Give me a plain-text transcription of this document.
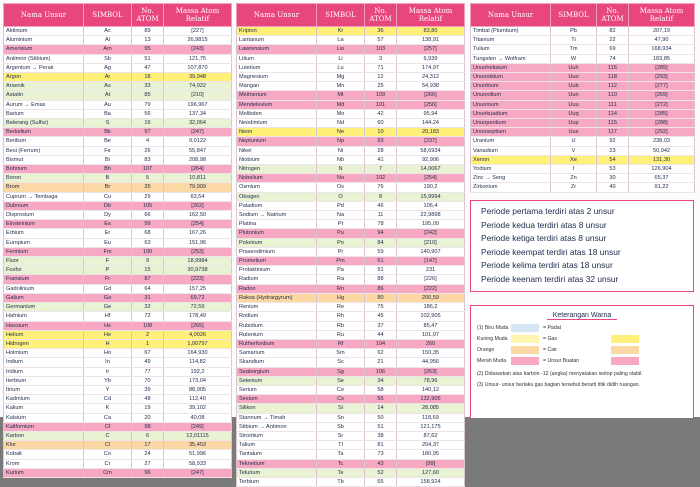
Nama Unsur	SIMBOL	No. ATOM	Massa Atom Relatif
Aktinium	Ac	89	[227]
Aluminium	Al	13	26,9815
Amerisium	Am	95	[243]
Antimon (Stibium)	Sb	51	121,75
Argentum → Perak	Ag	47	107,870
Argon	Ar	18	39,948
Arsenik	As	33	74,922
Astatin	At	85	[210]
Aurum → Emas	Au	79	196,967
Barium	Ba	56	137,34
Belerang (Sulfur)	S	16	32,064
Berkelium	Bk	97	[247]
Berilium	Be	4	9,0122
Besi (Ferrum)	Fe	26	55,847
Bismut	Bi	83	208,98
Bohrium	Bh	107	[264]
Boron	B	5	10,811
Brom	Br	35	79,909
Cuprum → Tembaga	Cu	29	63,54
Dubnium	Db	105	[262]
Disprosium	Dy	66	162,50
Einsteinium	Es	99	[254]
Erbium	Er	68	167,26
Europium	Eu	63	151,96
Fermium	Fm	100	[253]
Fluor	F	9	18,9984
Fosfor	P	15	30,9738
Fransium	Fr	87	[223]
Gadolinium	Gd	64	157,25
Galium	Ga	31	69,72
Germanium	Ge	32	72,59
Hafnium	Hf	72	178,49
Hassium	Hs	108	[265]
Helium	He	2	4,0026
Hidrogen	H	1	1,00797
Holmium	Ho	67	164,930
Indium	In	49	114,82
Iridium	Ir	77	192,2
Iterbium	Yb	70	173,04
Itrium	Y	39	88,905
Kadmium	Cd	48	112,40
Kalium	K	19	39,102
Kalsium	Ca	20	40,08
Kalifornium	Cf	98	[249]
Karbon	C	6	12,01115
Klor	Cl	17	35,453
Kobalt	Co	24	51,996
Krom	Cr	27	58,933
Kurium	Cm	96	[247]
Nama Unsur	SIMBOL	No. ATOM	Massa Atom Relatif
Kripton	Kr	36	83,80
Lantanum	La	57	138,91
Lawrensium	Lw	103	[257]
Litium	Li	3	6,939
Lutetium	Lu	71	174,97
Magnesium	Mg	12	24,312
Mangan	Mn	25	54,938
Meitnerium	Mt	109	[266]
Mendelevium	Md	101	[256]
Molibden	Mo	42	95,94
Neodimium	Nd	60	144,24
Neon	Ne	10	20,183
Neptunium	Np	93	[237]
Nikel	Ni	28	58,6934
Niobium	Nb	41	92,906
Nitrogen	N	7	14,0067
Nobelium	No	102	[254]
Osmium	Os	76	190,2
Oksigen	O	8	15,9994
Paladium	Pd	46	106,4
Sodium → Natrium	Na	11	22,9898
Platina	Pt	78	195,09
Plutonium	Pu	94	[242]
Polonium	Po	84	[210]
Praseodimium	Pr	59	140,907
Prometium	Pm	61	[147]
Protaktinium	Pa	91	231
Radium	Ra	88	[226]
Radon	Rn	86	[222]
Raksa (Hydrargyrum)	Hg	80	200,59
Renium	Re	75	186,2
Rodium	Rh	45	102,905
Rubidium	Rb	37	85,47
Rutenium	Ru	44	101,07
Rutherfordium	Rf	104	260
Samarium	Sm	62	150,35
Skandium	Sc	21	44,956
Seaborgium	Sg	106	[263]
Selenium	Se	34	78,96
Serium	Ce	58	140,12
Sesium	Cs	55	132,905
Silikon	Si	14	28,085
Stannum → Timah	Sn	50	118,69
Stibium → Antimon	Sb	51	121,175
Strontium	Sr	38	87,62
Talium	Tl	81	204,37
Tantalum	Ta	73	180,95
Teknetium	Tc	43	[99]
Telurium	Te	52	127,60
Terbium	Tb	65	158,924
Nama Unsur	SIMBOL	No. ATOM	Massa Atom Relatif
Timbal (Plumbum)	Pb	82	207,19
Titanium	Ti	22	47,90
Tulium	Tm	69	168,934
Tungsten → Wolfram	W	74	183,85
Ununheksium	Uuh	116	[289]
Ununoktium	Uuo	118	[293]
Ununbium	Uub	112	[277]
Ununnilium	Uun	110	[269]
Ununnium	Uuu	111	[272]
Ununkuadium	Uuq	114	[285]
Ununpentium	Uup	115	[288]
Ununseptium	Uus	117	[292]
Uranium	U	92	238,03
Vanadium	V	23	50,942
Xenon	Xe	54	131,30
Yodium	I	53	126,904
Zinc → Seng	Zn	30	65,37
Zirkonium	Zr	40	91,22
Periode pertama terdiri atas 2 unsur
Periode kedua terdiri atas 8 unsur
Periode ketiga terdiri atas 8 unsur
Periode keempat terdiri atas 18 unsur
Periode kelima terdiri atas 18 unsur
Periode keenam terdiri atas 32 unsur
Keterangan Warna
(1) Biru Muda	= Padat
Kuning Muda	= Gas
Orange	= Cair
Merah Muda	= Unsur Buatan
(2) Didasarkan atas karbon -12 (angka) menyatakan isotop paling stabil.
(3) Unsur- unsur berlaku gas bagian tersebut berarti titik didih ruangan.
